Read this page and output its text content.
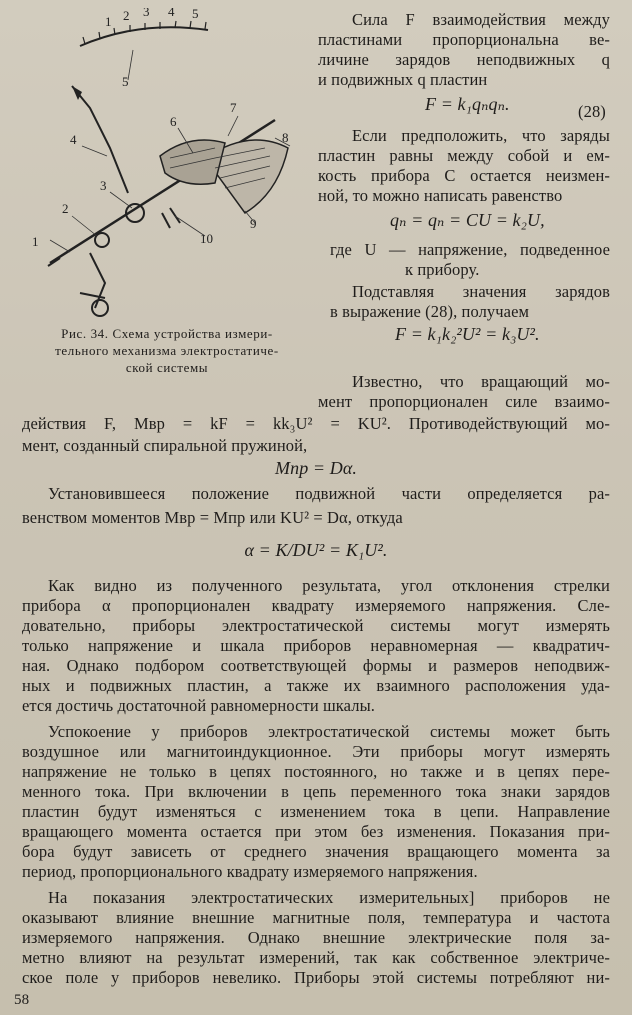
1 2 3 4 5
1
2
3
4
5
6
7
8
9
10
Рис. 34. Схема устройства измери-
тельного механизма электростатиче-
ской системы
Сила F взаимодействия между
пластинами пропорциональна ве-
личине зарядов неподвижных q
и подвижных q пластин
F = k₁qₙqₙ.	(28)
Если предположить, что заряды
пластин равны между собой и ем-
кость прибора С остается неизмен-
ной, то можно написать равенство
qₙ = qₙ = CU = k₂U,
где U — напряжение, подведенное
к прибору.
Подставляя значения зарядов
в выражение (28), получаем
F = k₁k₂²U² = k₃U².
Известно, что вращающий мо-
мент пропорционален силе взаимо-
действия F, Mвр = kF = kk₃U² = KU². Противодействующий мо-
мент, созданный спиральной пружиной,
Mпр = Dα.
Установившееся положение подвижной части определяется ра-
венством моментов Mвр = Mпр или KU² = Dα, откуда
α = K/DU² = K₁U².
Как видно из полученного результата, угол отклонения стрелки
прибора α пропорционален квадрату измеряемого напряжения. Сле-
довательно, приборы электростатической системы могут измерять
только напряжение и шкала приборов неравномерная — квадратич-
ная. Однако подбором соответствующей формы и размеров неподвиж-
ных и подвижных пластин, а также их взаимного расположения уда-
ется достичь достаточной равномерности шкалы.
Успокоение у приборов электростатической системы может быть
воздушное или магнитоиндукционное. Эти приборы могут измерять
напряжение не только в цепях постоянного, но также и в цепях пере-
менного тока. При включении в цепь переменного тока знаки зарядов
пластин будут изменяться с изменением тока в цепи. Направление
вращающего момента остается при этом без изменения. Показания при-
бора будут зависеть от среднего значения вращающего момента за
период, пропорционального квадрату измеряемого напряжения.
На показания электростатических измерительных] приборов не
оказывают влияние внешние магнитные поля, температура и частота
измеряемого напряжения. Однако внешние электрические поля за-
метно влияют на результат измерений, так как собственное электриче-
ское поле у приборов невелико. Приборы этой системы потребляют ни-
58
